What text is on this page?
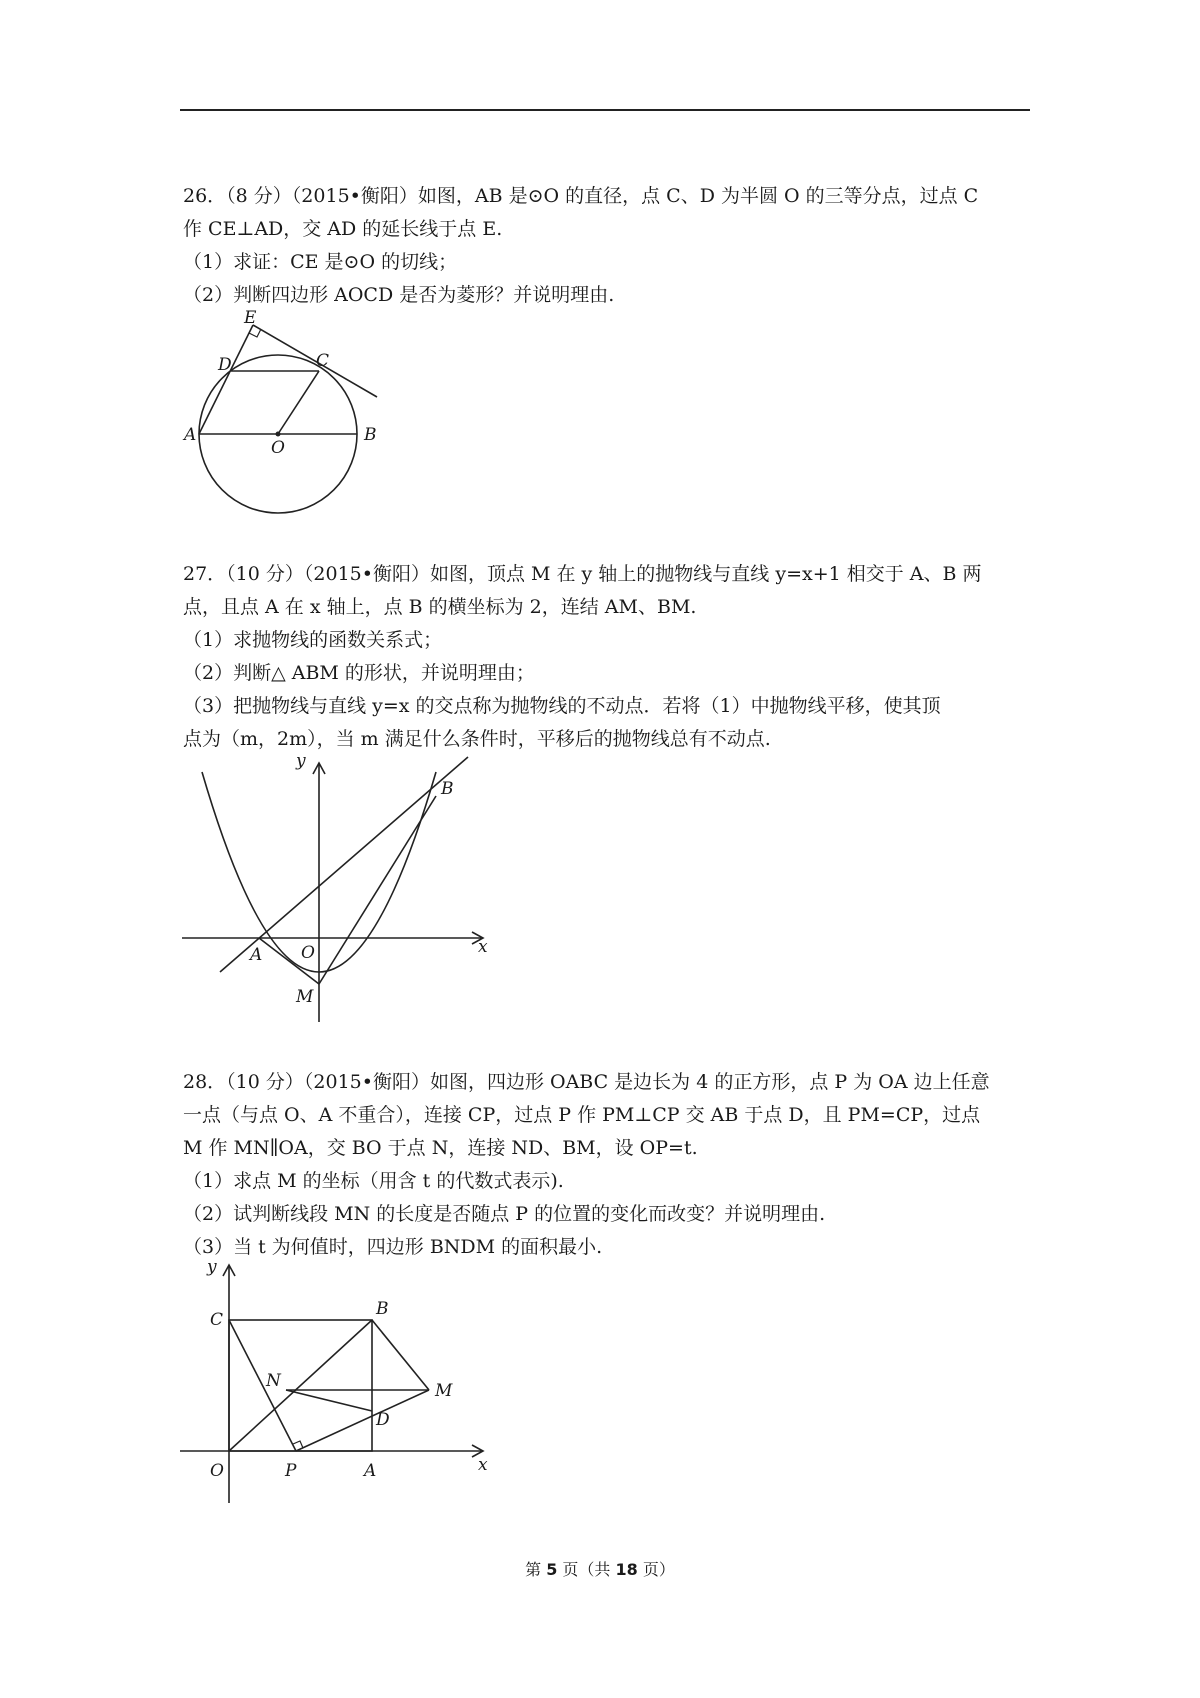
26．（8 分）（2015•衡阳）如图，AB 是⊙O 的直径，点 C、D 为半圆 O 的三等分点，过点 C
作 CE⊥AD，交 AD 的延长线于点 E.
（1）求证：CE 是⊙O 的切线；
（2）判断四边形 AOCD 是否为菱形？并说明理由.
E
D	C
A
O
B
27．（10 分）（2015•衡阳）如图，顶点 M 在 y 轴上的抛物线与直线 y=x+1 相交于 A、B 两
点，且点 A 在 x 轴上，点 B 的横坐标为 2，连结 AM、BM.
（1）求抛物线的函数关系式；
（2）判断△ ABM 的形状，并说明理由；
（3）把抛物线与直线 y=x 的交点称为抛物线的不动点．若将（1）中抛物线平移，使其顶
点为（m，2m），当 m 满足什么条件时，平移后的抛物线总有不动点.
y
B
A O	x
M
28．（10 分）（2015•衡阳）如图，四边形 OABC 是边长为 4 的正方形，点 P 为 OA 边上任意
一点（与点 O、A 不重合），连接 CP，过点 P 作 PM⊥CP 交 AB 于点 D，且 PM=CP，过点
M 作 MN∥OA，交 BO 于点 N，连接 ND、BM，设 OP=t.
（1）求点 M 的坐标（用含 t 的代数式表示).
（2）试判断线段 MN 的长度是否随点 P 的位置的变化而改变？并说明理由.
（3）当 t 为何值时，四边形 BNDM 的面积最小.
y
C
B
N	M
D
O	P	A	x
第 5 页（共 18 页）
